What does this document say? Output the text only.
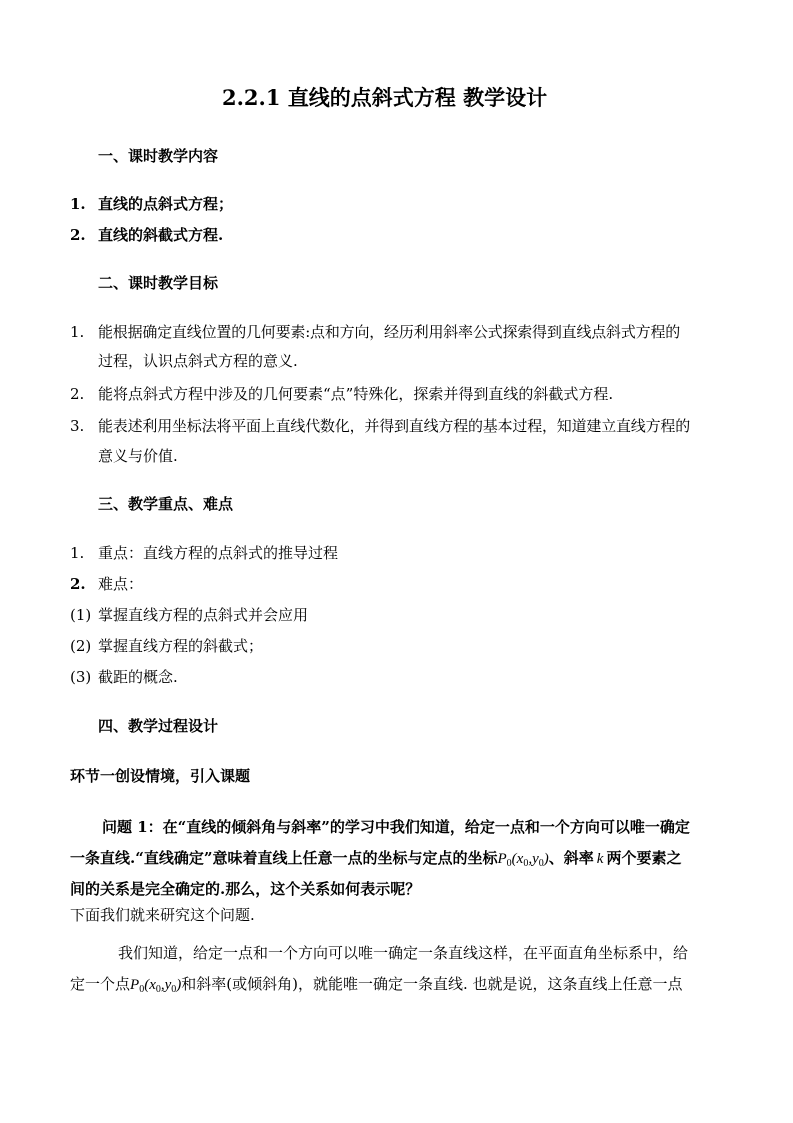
2.2.1 直线的点斜式方程 教学设计
一、课时教学内容
1. 直线的点斜式方程；
2. 直线的斜截式方程.
二、课时教学目标
1. 能根据确定直线位置的几何要素:点和方向，经历利用斜率公式探索得到直线点斜式方程的
过程，认识点斜式方程的意义.
2. 能将点斜式方程中涉及的几何要素“点”特殊化，探索并得到直线的斜截式方程.
3. 能表述利用坐标法将平面上直线代数化，并得到直线方程的基本过程，知道建立直线方程的
意义与价值.
三、教学重点、难点
1. 重点：直线方程的点斜式的推导过程
2. 难点：
(1) 掌握直线方程的点斜式并会应用
(2) 掌握直线方程的斜截式；
(3) 截距的概念.
四、教学过程设计
环节一创设情境，引入课题
问题 1：在“直线的倾斜角与斜率”的学习中我们知道，给定一点和一个方向可以唯一确定
一条直线.“直线确定”意味着直线上任意一点的坐标与定点的坐标$P_0(x_0,y_0)$、斜率 k 两个要素之
间的关系是完全确定的.那么，这个关系如何表示呢？
下面我们就来研究这个问题.
我们知道，给定一点和一个方向可以唯一确定一条直线这样，在平面直角坐标系中，给
定一个点$P_0(x_0,y_0)$和斜率(或倾斜角)，就能唯一确定一条直线. 也就是说，这条直线上任意一点
